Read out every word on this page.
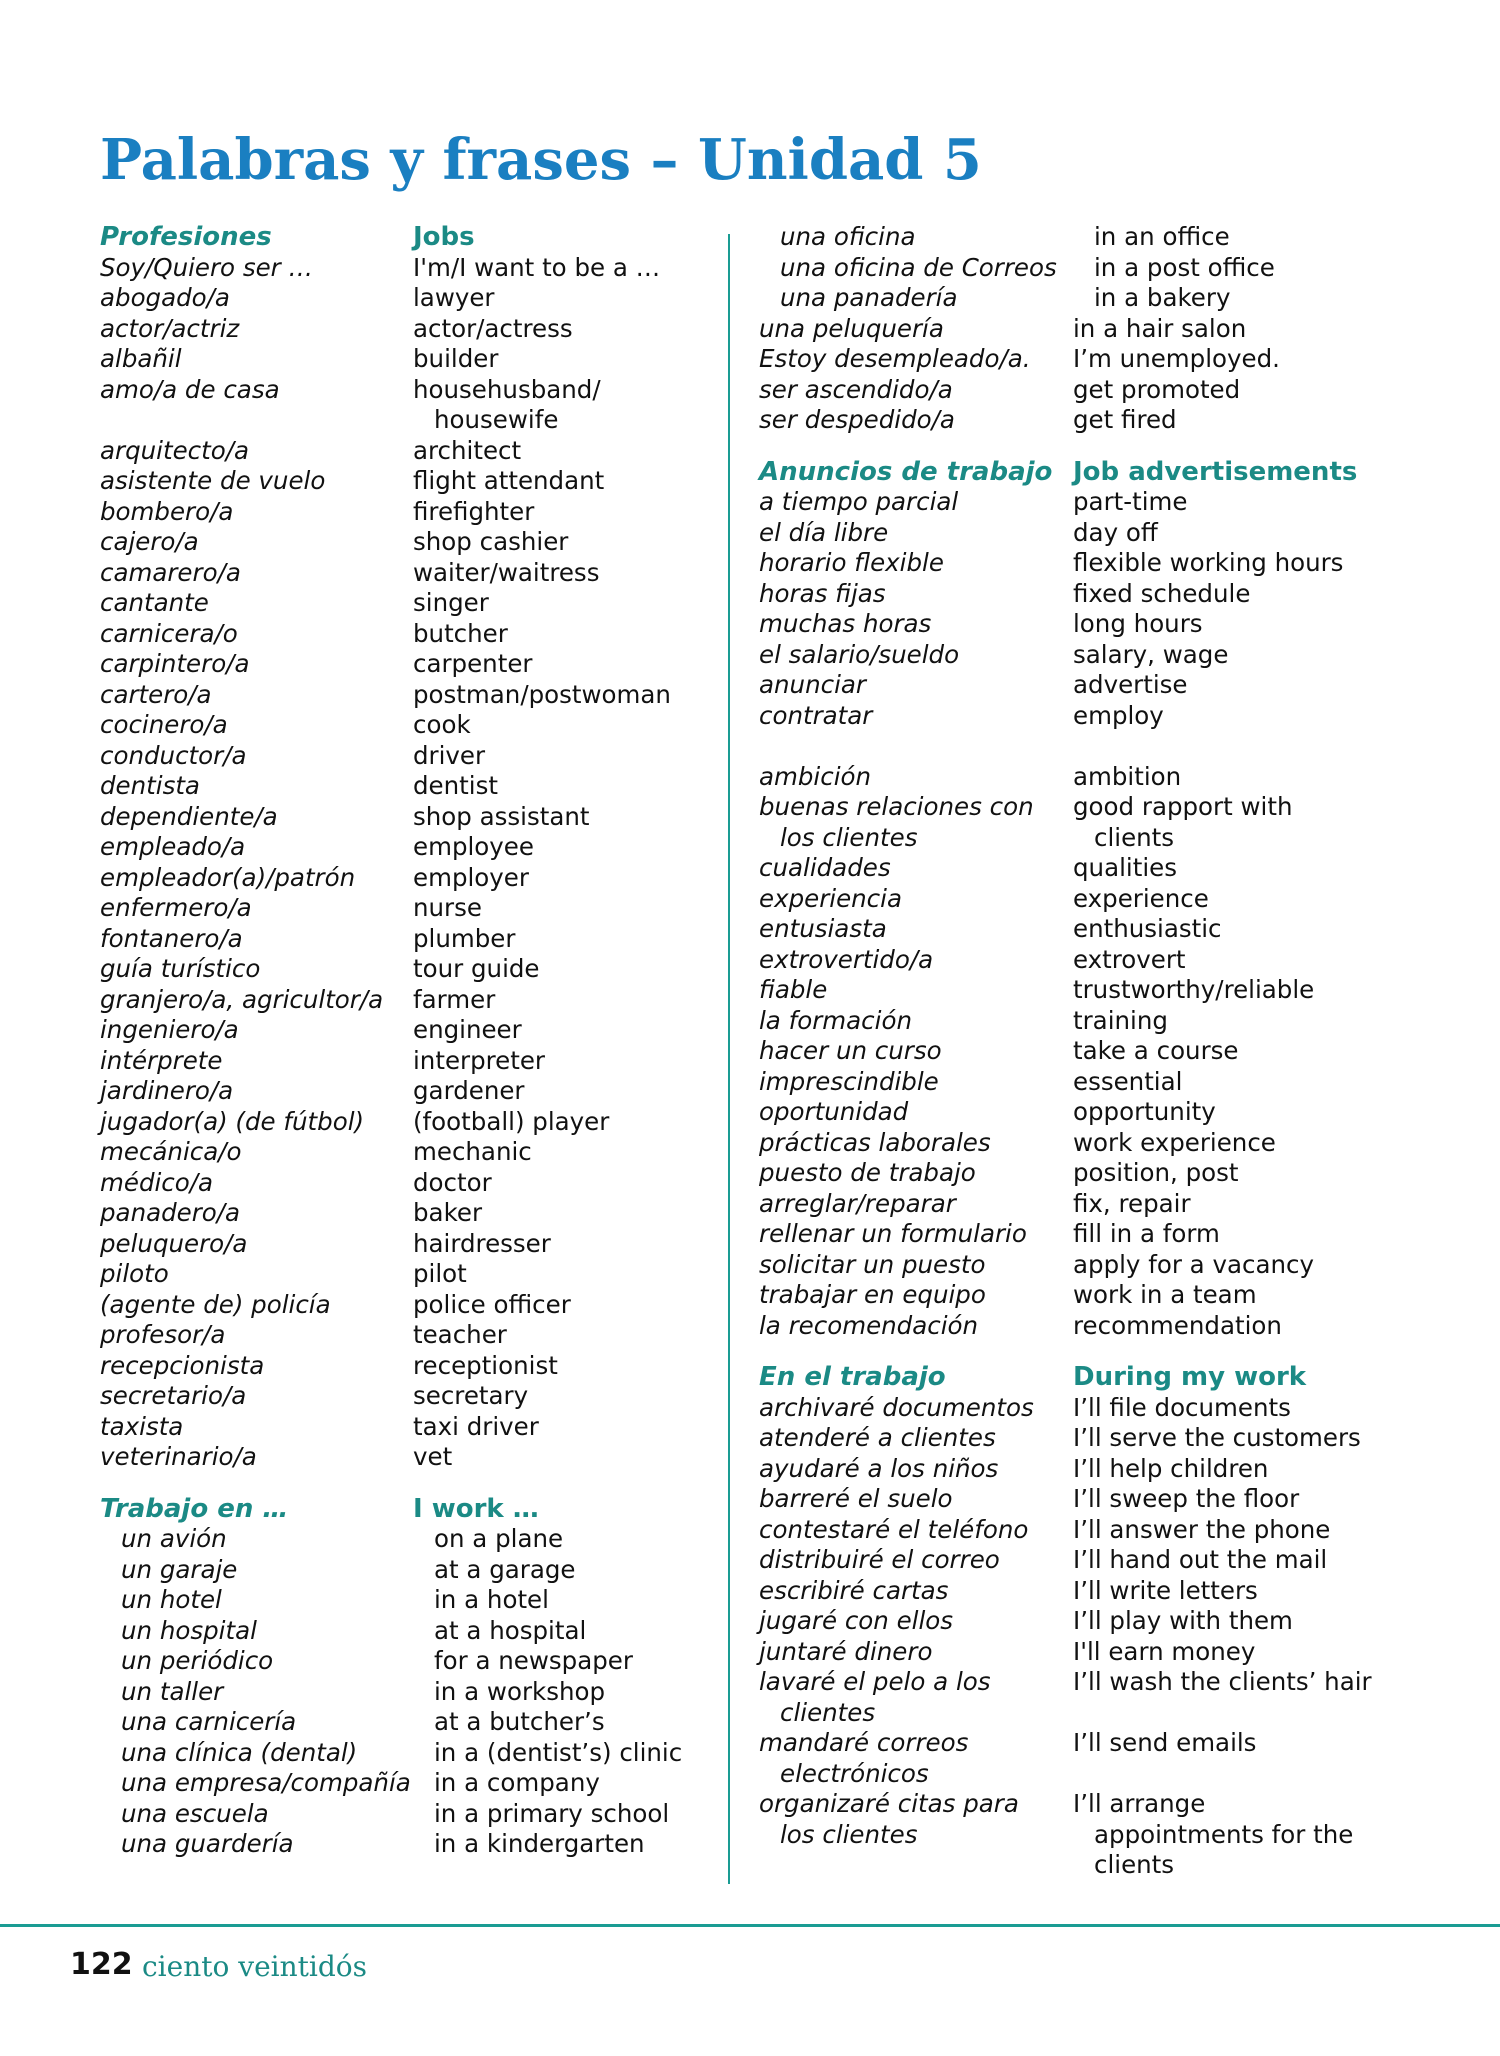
Palabras y frases – Unidad 5
Profesiones
Soy/Quiero ser …
abogado/a
actor/actriz
albañil
amo/a de casa

arquitecto/a
asistente de vuelo
bombero/a
cajero/a
camarero/a
cantante
carnicera/o
carpintero/a
cartero/a
cocinero/a
conductor/a
dentista
dependiente/a
empleado/a
empleador(a)/patrón
enfermero/a
fontanero/a
guía turístico
granjero/a, agricultor/a
ingeniero/a
intérprete
jardinero/a
jugador(a) (de fútbol)
mecánica/o
médico/a
panadero/a
peluquero/a
piloto
(agente de) policía
profesor/a
recepcionista
secretario/a
taxista
veterinario/a
Trabajo en …
un avión
un garaje
un hotel
un hospital
un periódico
un taller
una carnicería
una clínica (dental)
una empresa/compañía
una escuela
una guardería
Jobs
I'm/I want to be a …
lawyer
actor/actress
builder
househusband/
housewife
architect
flight attendant
firefighter
shop cashier
waiter/waitress
singer
butcher
carpenter
postman/postwoman
cook
driver
dentist
shop assistant
employee
employer
nurse
plumber
tour guide
farmer
engineer
interpreter
gardener
(football) player
mechanic
doctor
baker
hairdresser
pilot
police officer
teacher
receptionist
secretary
taxi driver
vet
I work …
on a plane
at a garage
in a hotel
at a hospital
for a newspaper
in a workshop
at a butcher’s
in a (dentist’s) clinic
in a company
in a primary school
in a kindergarten
una oficina
una oficina de Correos
una panadería
una peluquería
Estoy desempleado/a.
ser ascendido/a
ser despedido/a
Anuncios de trabajo
a tiempo parcial
el día libre
horario flexible
horas fijas
muchas horas
el salario/sueldo
anunciar
contratar

ambición
buenas relaciones con
los clientes
cualidades
experiencia
entusiasta
extrovertido/a
fiable
la formación
hacer un curso
imprescindible
oportunidad
prácticas laborales
puesto de trabajo
arreglar/reparar
rellenar un formulario
solicitar un puesto
trabajar en equipo
la recomendación
En el trabajo
archivaré documentos
atenderé a clientes
ayudaré a los niños
barreré el suelo
contestaré el teléfono
distribuiré el correo
escribiré cartas
jugaré con ellos
juntaré dinero
lavaré el pelo a los
clientes
mandaré correos
electrónicos
organizaré citas para
los clientes
in an office
in a post office
in a bakery
in a hair salon
I’m unemployed.
get promoted
get fired
Job advertisements
part-time
day off
flexible working hours
fixed schedule
long hours
salary, wage
advertise
employ

ambition
good rapport with
clients
qualities
experience
enthusiastic
extrovert
trustworthy/reliable
training
take a course
essential
opportunity
work experience
position, post
fix, repair
fill in a form
apply for a vacancy
work in a team
recommendation
During my work
I’ll file documents
I’ll serve the customers
I’ll help children
I’ll sweep the floor
I’ll answer the phone
I’ll hand out the mail
I’ll write letters
I’ll play with them
I'll earn money
I’ll wash the clients’ hair

I’ll send emails

I’ll arrange
appointments for the
clients
122 ciento veintidós
